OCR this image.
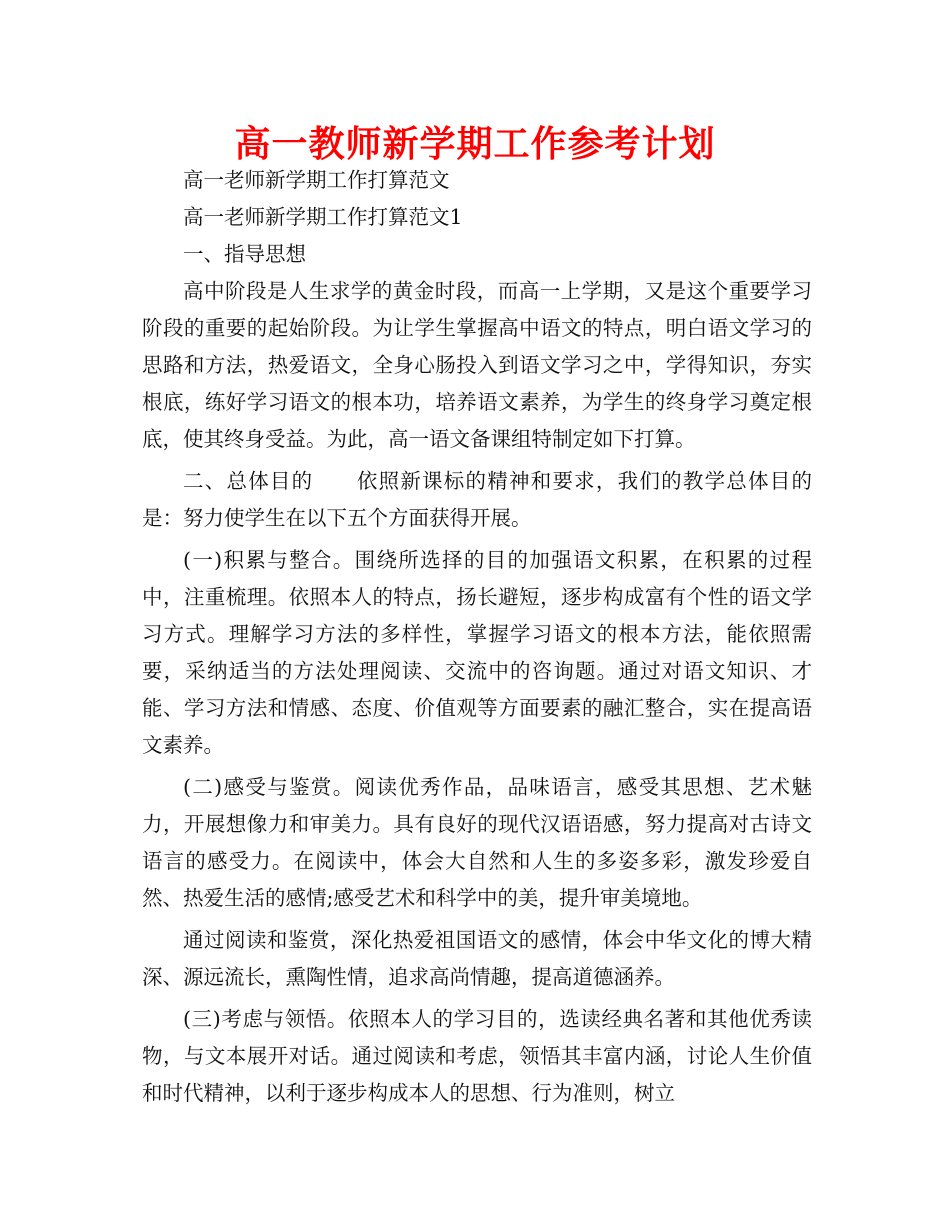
高一教师新学期工作参考计划

高一老师新学期工作打算范文

高一老师新学期工作打算范文1

一、指导思想

高中阶段是人生求学的黄金时段，而高一上学期，又是这个重要学习阶段的重要的起始阶段。为让学生掌握高中语文的特点，明白语文学习的思路和方法，热爱语文，全身心肠投入到语文学习之中，学得知识，夯实根底，练好学习语文的根本功，培养语文素养，为学生的终身学习奠定根底，使其终身受益。为此，高一语文备课组特制定如下打算。

二、总体目的　　依照新课标的精神和要求，我们的教学总体目的是：努力使学生在以下五个方面获得开展。

(一)积累与整合。围绕所选择的目的加强语文积累，在积累的过程中，注重梳理。依照本人的特点，扬长避短，逐步构成富有个性的语文学习方式。理解学习方法的多样性，掌握学习语文的根本方法，能依照需要，采纳适当的方法处理阅读、交流中的咨询题。通过对语文知识、才能、学习方法和情感、态度、价值观等方面要素的融汇整合，实在提高语文素养。

(二)感受与鉴赏。阅读优秀作品，品味语言，感受其思想、艺术魅力，开展想像力和审美力。具有良好的现代汉语语感，努力提高对古诗文语言的感受力。在阅读中，体会大自然和人生的多姿多彩，激发珍爱自然、热爱生活的感情;感受艺术和科学中的美，提升审美境地。

通过阅读和鉴赏，深化热爱祖国语文的感情，体会中华文化的博大精深、源远流长，熏陶性情，追求高尚情趣，提高道德涵养。

(三)考虑与领悟。依照本人的学习目的，选读经典名著和其他优秀读物，与文本展开对话。通过阅读和考虑，领悟其丰富内涵，讨论人生价值和时代精神，以利于逐步构成本人的思想、行为准则，树立
